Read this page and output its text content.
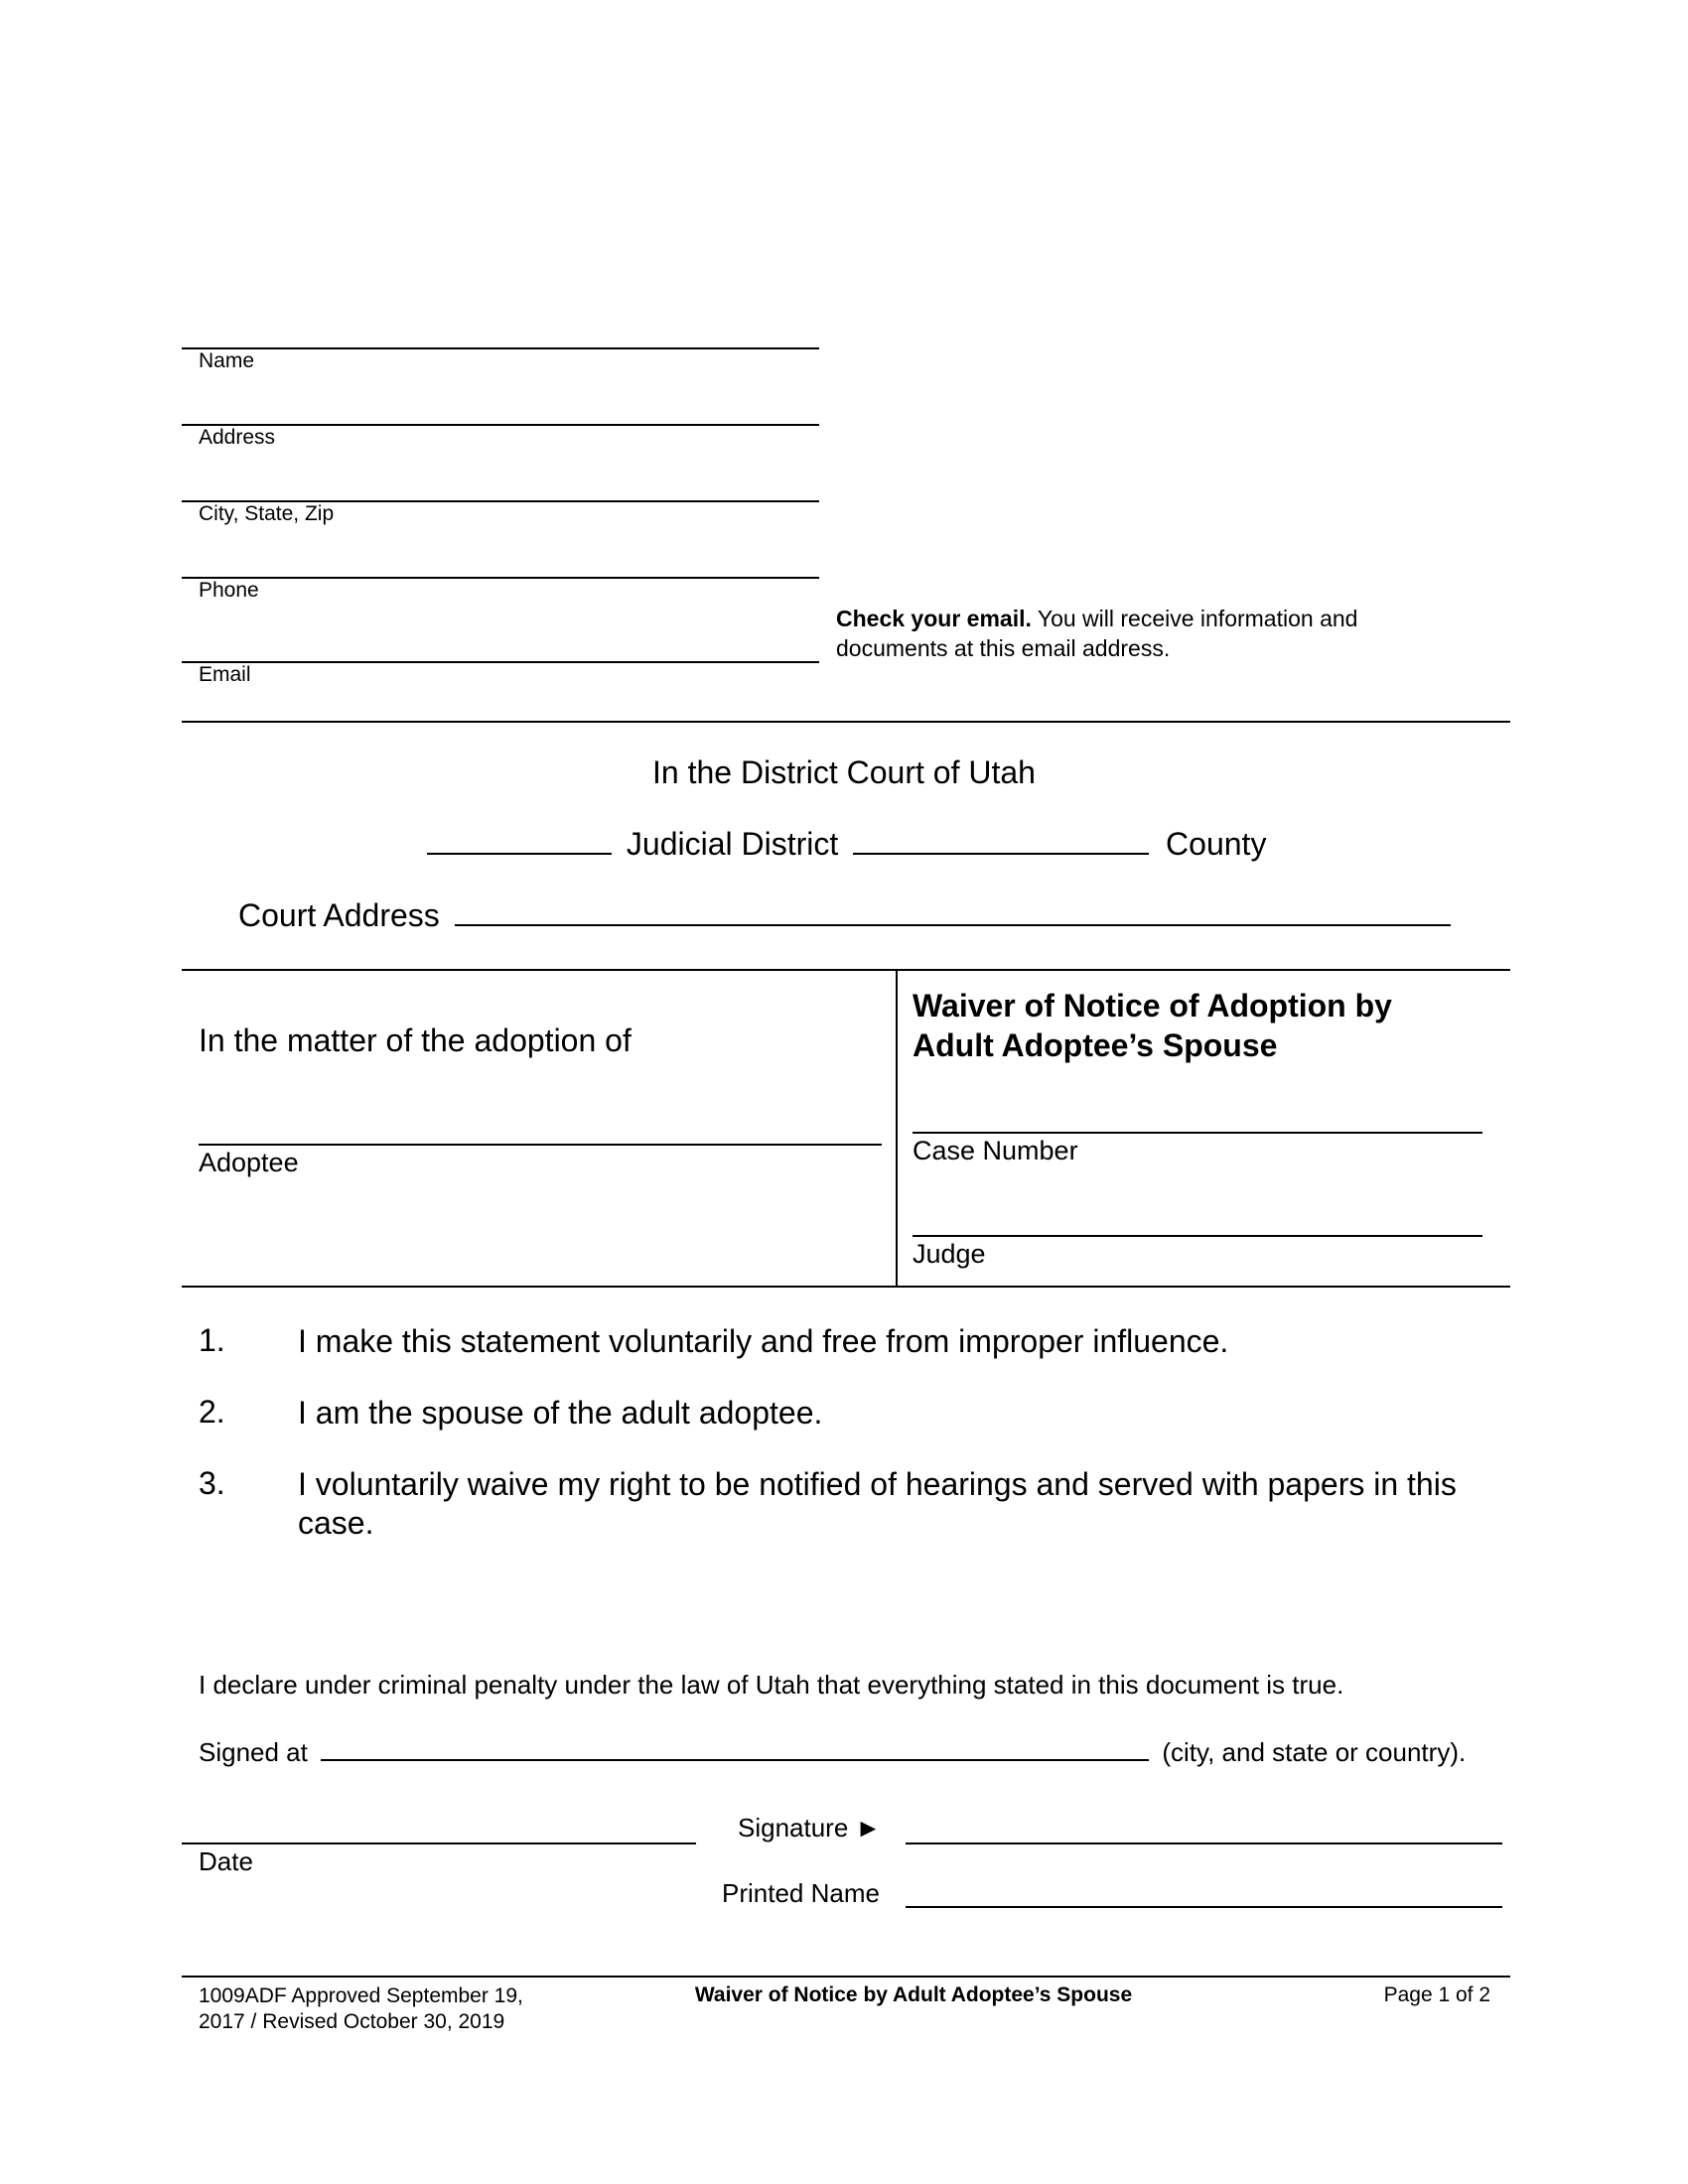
Name
Address
City, State, Zip
Phone
Email
Check your email. You will receive information and documents at this email address.
In the District Court of Utah
Judicial District	County
Court Address
In the matter of the adoption of
Adoptee
Waiver of Notice of Adoption by Adult Adoptee’s Spouse
Case Number
Judge
1. I make this statement voluntarily and free from improper influence.
2. I am the spouse of the adult adoptee.
3. I voluntarily waive my right to be notified of hearings and served with papers in this case.
I declare under criminal penalty under the law of Utah that everything stated in this document is true.
Signed at	(city, and state or country).
Date
Signature ►
Printed Name
1009ADF Approved September 19, 2017 / Revised October 30, 2019
Waiver of Notice by Adult Adoptee’s Spouse	Page 1 of 2
